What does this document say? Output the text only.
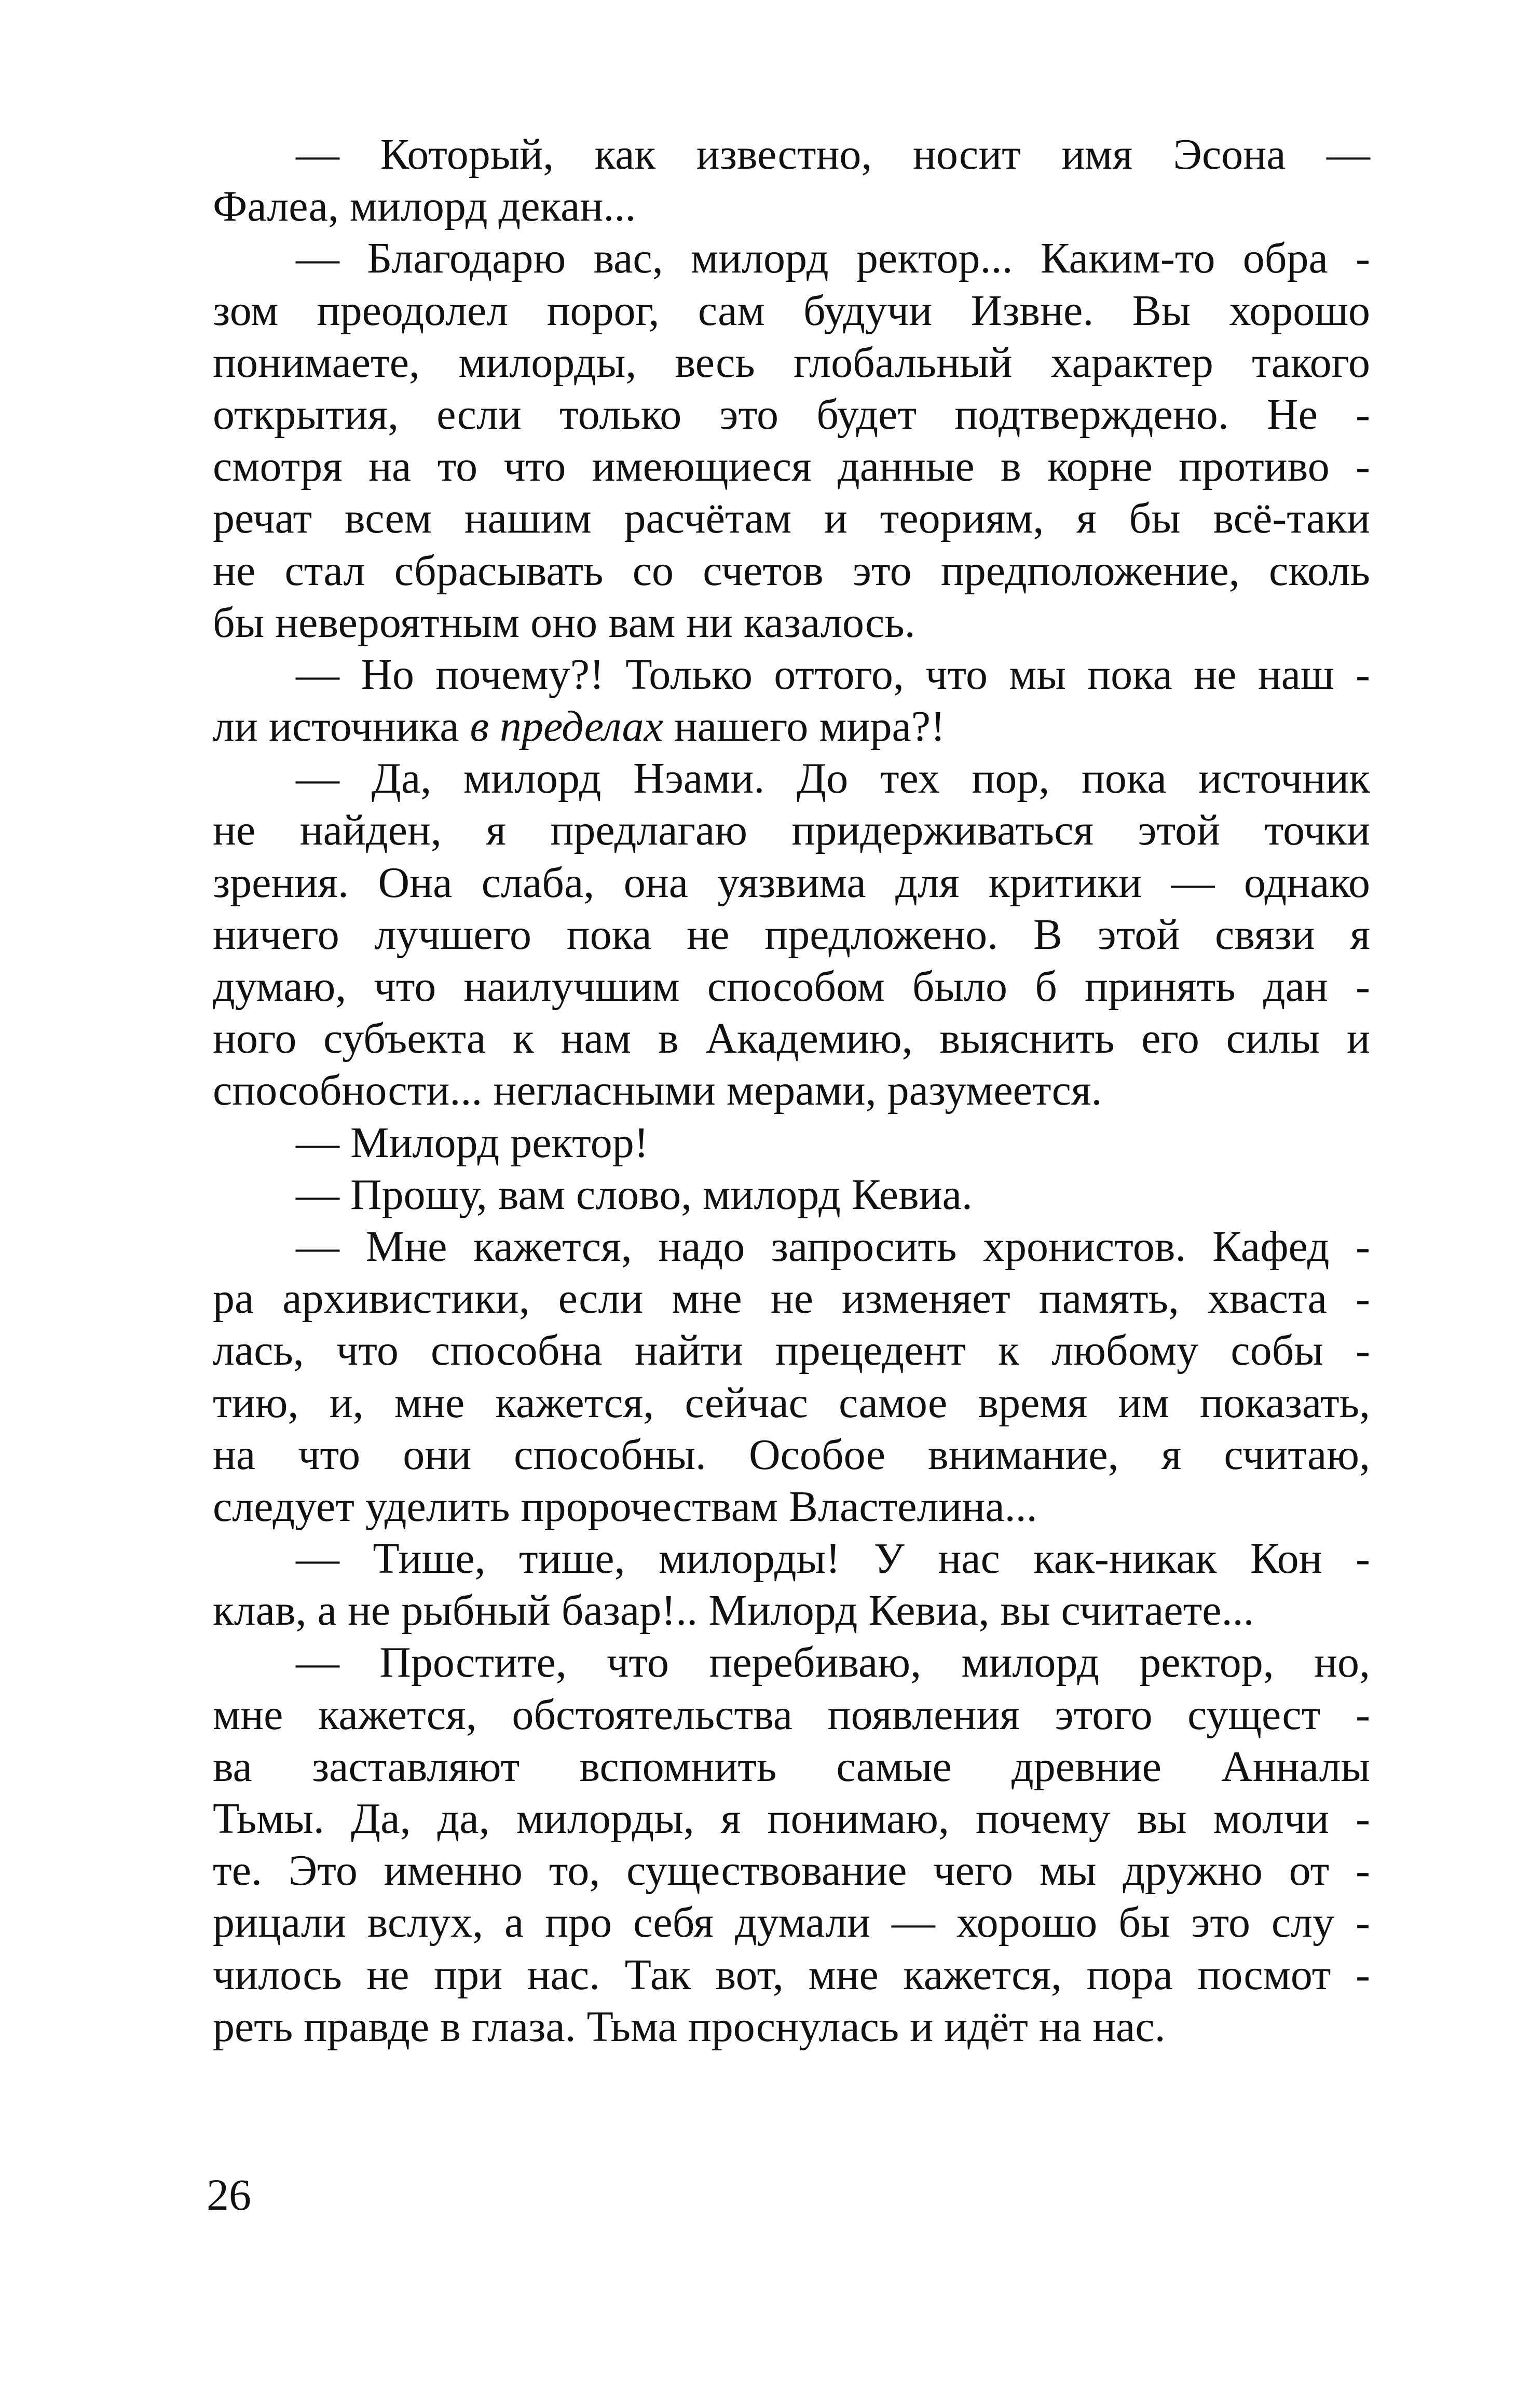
— Который, как известно, носит имя Эсона —
Фалеа, милорд декан...
— Благодарю вас, милорд ректор... Каким-то обра -
зом преодолел порог, сам будучи Извне. Вы хорошо
понимаете, милорды, весь глобальный характер такого
открытия, если только это будет подтверждено. Не -
смотря на то что имеющиеся данные в корне противо -
речат всем нашим расчётам и теориям, я бы всё-таки
не стал сбрасывать со счетов это предположение, сколь
бы невероятным оно вам ни казалось.
— Но почему?! Только оттого, что мы пока не наш -
ли источника в пределах нашего мира?!
— Да, милорд Нэами. До тех пор, пока источник
не найден, я предлагаю придерживаться этой точки
зрения. Она слаба, она уязвима для критики — однако
ничего лучшего пока не предложено. В этой связи я
думаю, что наилучшим способом было б принять дан -
ного субъекта к нам в Академию, выяснить его силы и
способности... негласными мерами, разумеется.
— Милорд ректор!
— Прошу, вам слово, милорд Кевиа.
— Мне кажется, надо запросить хронистов. Кафед -
ра архивистики, если мне не изменяет память, хваста -
лась, что способна найти прецедент к любому собы -
тию, и, мне кажется, сейчас самое время им показать,
на что они способны. Особое внимание, я считаю,
следует уделить пророчествам Властелина...
— Тише, тише, милорды! У нас как-никак Кон -
клав, а не рыбный базар!.. Милорд Кевиа, вы считаете...
— Простите, что перебиваю, милорд ректор, но,
мне кажется, обстоятельства появления этого сущест -
ва заставляют вспомнить самые древние Анналы
Тьмы. Да, да, милорды, я понимаю, почему вы молчи -
те. Это именно то, существование чего мы дружно от -
рицали вслух, а про себя думали — хорошо бы это слу -
чилось не при нас. Так вот, мне кажется, пора посмот -
реть правде в глаза. Тьма проснулась и идёт на нас.
26
